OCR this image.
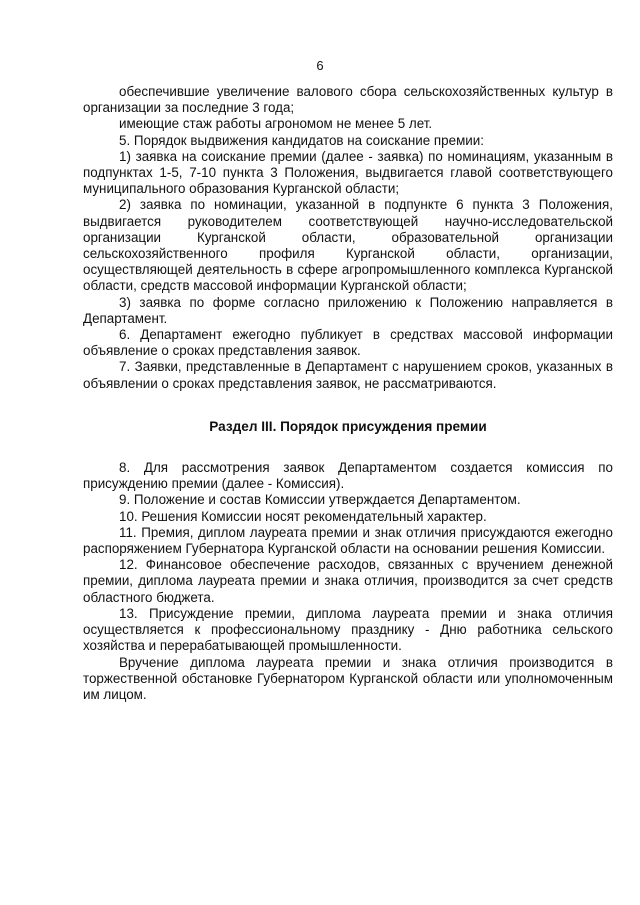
6

обеспечившие увеличение валового сбора сельскохозяйственных культур в организации за последние 3 года;

имеющие стаж работы агрономом не менее 5 лет.

5. Порядок выдвижения кандидатов на соискание премии:

1) заявка на соискание премии (далее - заявка) по номинациям, указанным в подпунктах 1-5, 7-10 пункта 3 Положения, выдвигается главой соответствующего муниципального образования Курганской области;

2) заявка по номинации, указанной в подпункте 6 пункта 3 Положения, выдвигается руководителем соответствующей научно-исследовательской организации Курганской области, образовательной организации сельскохозяйственного профиля Курганской области, организации, осуществляющей деятельность в сфере агропромышленного комплекса Курганской области, средств массовой информации Курганской области;

3) заявка по форме согласно приложению к Положению направляется в Департамент.

6. Департамент ежегодно публикует в средствах массовой информации объявление о сроках представления заявок.

7. Заявки, представленные в Департамент с нарушением сроков, указанных в объявлении о сроках представления заявок, не рассматриваются.

Раздел III. Порядок присуждения премии

8. Для рассмотрения заявок Департаментом создается комиссия по присуждению премии (далее - Комиссия).

9. Положение и состав Комиссии утверждается Департаментом.

10. Решения Комиссии носят рекомендательный характер.

11. Премия, диплом лауреата премии и знак отличия присуждаются ежегодно распоряжением Губернатора Курганской области на основании решения Комиссии.

12. Финансовое обеспечение расходов, связанных с вручением денежной премии, диплома лауреата премии и знака отличия, производится за счет средств областного бюджета.

13. Присуждение премии, диплома лауреата премии и знака отличия осуществляется к профессиональному празднику - Дню работника сельского хозяйства и перерабатывающей промышленности.

Вручение диплома лауреата премии и знака отличия производится в торжественной обстановке Губернатором Курганской области или уполномоченным им лицом.
